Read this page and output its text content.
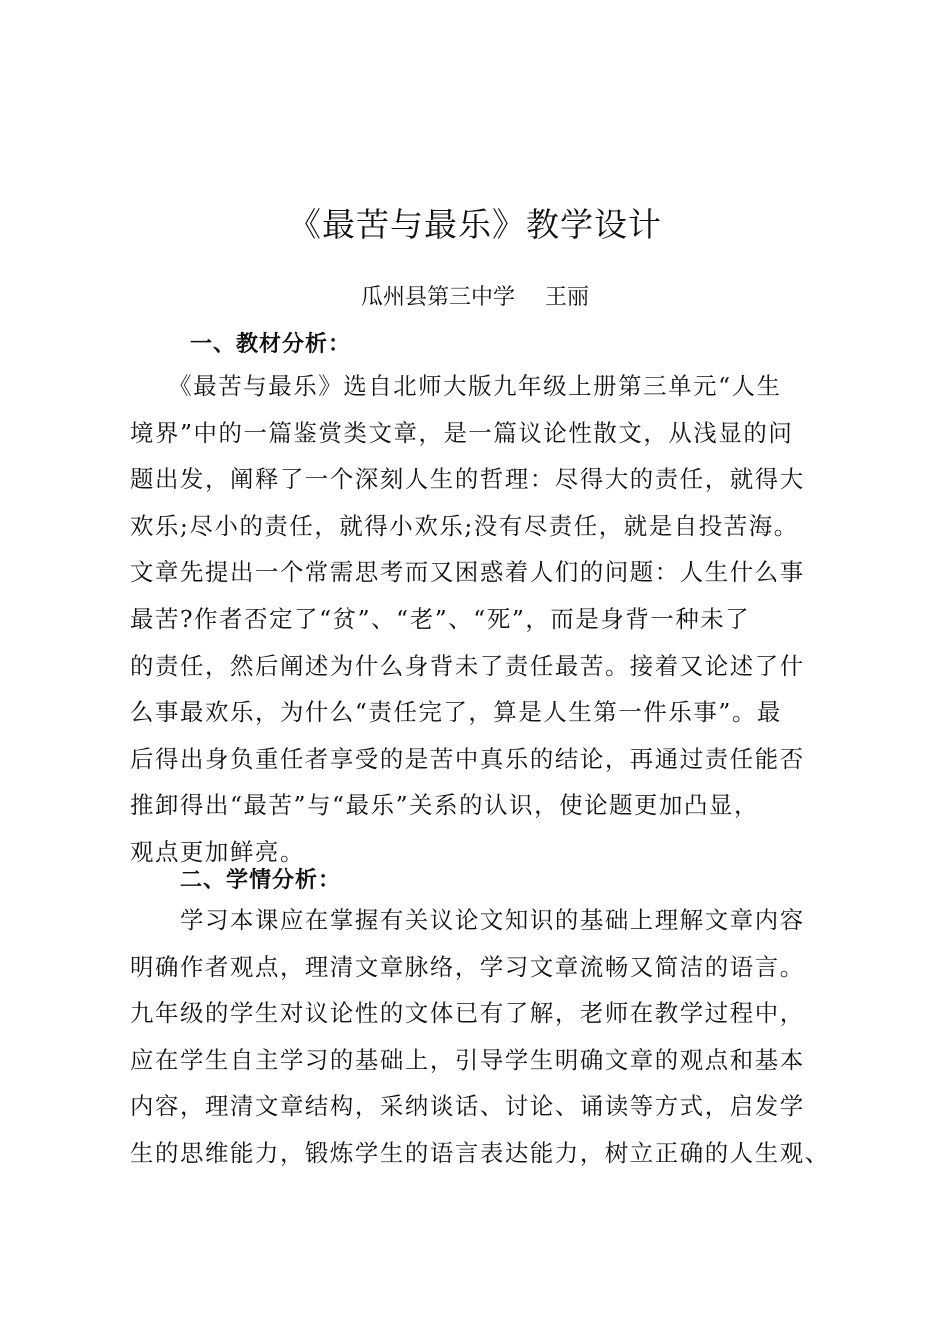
《最苦与最乐》教学设计
瓜州县第三中学 王丽
一、教材分析：
　　《最苦与最乐》选自北师大版九年级上册第三单元“人生
境界”中的一篇鉴赏类文章，是一篇议论性散文，从浅显的问
题出发，阐释了一个深刻人生的哲理：尽得大的责任，就得大
欢乐;尽小的责任，就得小欢乐;没有尽责任，就是自投苦海。
文章先提出一个常需思考而又困惑着人们的问题：人生什么事
最苦?作者否定了“贫”、“老”、“死”，而是身背一种未了
的责任，然后阐述为什么身背未了责任最苦。接着又论述了什
么事最欢乐，为什么“责任完了，算是人生第一件乐事”。最
后得出身负重任者享受的是苦中真乐的结论，再通过责任能否
推卸得出“最苦”与“最乐”关系的认识，使论题更加凸显，
观点更加鲜亮。
二、学情分析：
　　学习本课应在掌握有关议论文知识的基础上理解文章内容
明确作者观点，理清文章脉络，学习文章流畅又简洁的语言。
九年级的学生对议论性的文体已有了解，老师在教学过程中，
应在学生自主学习的基础上，引导学生明确文章的观点和基本
内容，理清文章结构，采纳谈话、讨论、诵读等方式，启发学
生的思维能力，锻炼学生的语言表达能力，树立正确的人生观、
